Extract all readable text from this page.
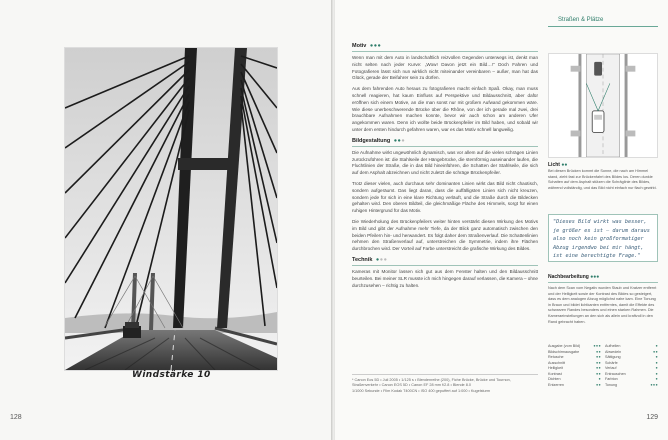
Windstärke 10
128
Straßen & Plätze
Motiv ●●●

Wenn man mit dem Auto in landschaftlich reizvollen Gegenden unterwegs ist, denkt man nicht selten nach jeder Kurve: „Wow! Davon jetzt ein Bild…!“ Doch Fahren und Fotografieren lässt sich nun wirklich nicht miteinander vereinbaren – außer, man hat das Glück, gerade der Beifahrer sein zu dürfen.

Aus dem fahrenden Auto heraus zu fotografieren macht einfach Spaß. Okay, man muss schnell reagieren, hat kaum Einfluss auf Perspektive und Bildausschnitt, aber dafür eröffnen sich einem Motive, an die man sonst nur mit großem Aufwand gekommen wäre. Wie diese unerbeschwerende Brücke über die Rhône, von der ich gerade mal zwei, drei brauchbare Aufnahmen machen konnte, bevor wir auch schon am anderen Ufer angekommen waren. Denn ich wollte beide Brückenpfeiler im Bild haben, und sobald wir unter dem ersten hindurch gefahren waren, war es das Motiv schnell langweilig.

Bildgestaltung ●●●

Die Aufnahme wirkt ungewöhnlich dynamisch, was vor allem auf die vielen schrägen Linien zurückzuführen ist: die Stahlseile der Hängebrücke, die sternförmig auseinander laufen, die Fluchtlinien der Straße, die in das Bild hineinführen, die Schatten der Stahlseile, die sich auf dem Asphalt abzeichnen und nicht zuletzt die schräge Brückenpfeiler.

Trotz dieser vielen, auch durchaus sehr dominanten Linien wirkt das Bild nicht chaotisch, sondern aufgeräumt. Das liegt daran, dass die auffälligsten Linien sich nicht kreuzen, sondern jede für sich in eine klare Richtung verläuft, und die Straße durch die Bildecken gehalten wird. Den oberen Bildteil, die gleichmäßige Fläche des Himmels, sorgt für einen ruhigen Hintergrund für das Motiv.

Die Wiederholung des Brückenpfeilers weiter hinten verstärkt diesen Wirkung des Motivs im Bild und gibt der Aufnahme mehr Tiefe, da der Blick ganz automatisch zwischen den beiden Pfeilern hin- und herwandert. Es folgt daher dem Straßenverlauf. Die Schattenlinien nehmen den Straßenverlauf auf, unterstreichen die Symmetrie, indem ihre Flächen durchbrochen wird. Der Vorteil auf Farbe unterstreicht die grafische Wirkung des Bildes.

Technik ●●●

Kameras mit Monitor lassen sich gut aus dem Fenster halten und den Bildausschnitt beurteilen. Bei meiner SLR musste ich mich hingegen darauf verlassen, die Kamera – ohne durchzusehen – richtig zu halten.

* Canon Eos 5D • Juli 2005 • 1/125 s • Blendenreihe (200), Fiche Brücke, Brücke und Tournon, Straßenverkehr • Canon EOS 5D • Canon EF 28 mm f/2.8 • Blende 8.0

1/1000 Sekunde • Film Kodak T400CN • ISO 400 gepuffert auf 1:000 • Kugelsturm

Licht ●●

Bei diesen Brücken kommt die Sonne, die nach am Himmel stand, zieht fast zur Brückenfahrt des Bildes los. Deren dunkle Schatten auf dem Asphalt stützen die Schräglinie des Bildes, während vollständig, und das Bild nicht einfach nur flach gewirkt.

"Dieses Bild wirkt was besser, je größer es ist – darum daraus also noch kein großformatiger Abzug irgendwo bei mir hängt, ist eine berechtigte Frage."
Nachbearbeitung ●●●

Nach dem Scan vom Negativ wurden Staub und Kratzer entfernt und der Helligkeit sowie der Kontrast des Bildes so gesteigert, dass es dem analogen Abzug möglichst nahe kam. Eine Tonung in Braun und bildet lichtkanten entferntes, damit die Effekte des schwarzen Randes besonders und einen starken Rahmen. Die Kameraeinstellungen an den sich als allein und kraftvoll in den Rand gebracht haben.

Ausgabe (vom Bild)	●●● Aufhellen	●
Bildschirmausgabe	●● Abwedeln	●●
Retusche	●● Sättigung	●
Ausschnitt	●● Schärfe	●
Helligkeit	●● Verlauf	●
Kontrast	●● Entrauschen	●
Dichten	● Farbton	●
Entzerren	●● Tonung	●●●
129
